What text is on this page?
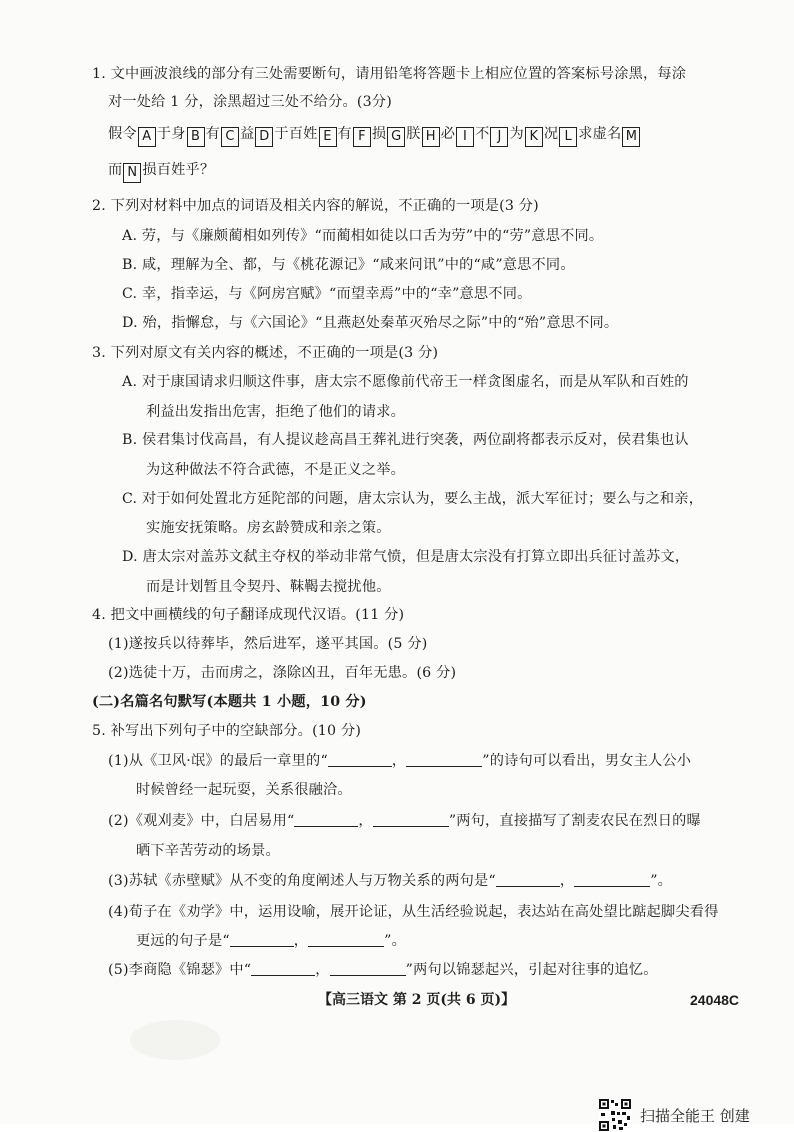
1. 文中画波浪线的部分有三处需要断句，请用铅笔将答题卡上相应位置的答案标号涂黑，每涂
对一处给 1 分，涂黑超过三处不给分。(3分)
假令 A 于身 B 有 C 益 D 于百姓 E 有 F 损 G 朕 H 必 I 不 J 为 K 况 L 求虚名 M
而 N 损百姓乎？
2. 下列对材料中加点的词语及相关内容的解说，不正确的一项是(3 分)
A. 劳，与《廉颇蔺相如列传》“而蔺相如徒以口舌为劳”中的“劳”意思不同。
B. 咸，理解为全、都，与《桃花源记》“咸来问讯”中的“咸”意思不同。
C. 幸，指幸运，与《阿房宫赋》“而望幸焉”中的“幸”意思不同。
D. 殆，指懈怠，与《六国论》“且燕赵处秦革灭殆尽之际”中的“殆”意思不同。
3. 下列对原文有关内容的概述，不正确的一项是(3 分)
A. 对于康国请求归顺这件事，唐太宗不愿像前代帝王一样贪图虚名，而是从军队和百姓的
利益出发指出危害，拒绝了他们的请求。
B. 侯君集讨伐高昌，有人提议趁高昌王葬礼进行突袭，两位副将都表示反对，侯君集也认
为这种做法不符合武德，不是正义之举。
C. 对于如何处置北方延陀部的问题，唐太宗认为，要么主战，派大军征讨；要么与之和亲，
实施安抚策略。房玄龄赞成和亲之策。
D. 唐太宗对盖苏文弑主夺权的举动非常气愤，但是唐太宗没有打算立即出兵征讨盖苏文，
而是计划暂且令契丹、靺鞨去搅扰他。
4. 把文中画横线的句子翻译成现代汉语。(11 分)
(1)遂按兵以待葬毕，然后进军，遂平其国。(5 分)
(2)选徒十万，击而虏之，涤除凶丑，百年无患。(6 分)
(二)名篇名句默写(本题共 1 小题，10 分)
5. 补写出下列句子中的空缺部分。(10 分)
(1)从《卫风·氓》的最后一章里的“	，	”的诗句可以看出，男女主人公小
时候曾经一起玩耍，关系很融洽。
(2)《观刈麦》中，白居易用“	，	”两句，直接描写了割麦农民在烈日的曝
晒下辛苦劳动的场景。
(3)苏轼《赤壁赋》从不变的角度阐述人与万物关系的两句是“	，	”。
(4)荀子在《劝学》中，运用设喻，展开论证，从生活经验说起，表达站在高处望比踮起脚尖看得
更远的句子是“	，	”。
(5)李商隐《锦瑟》中“	，	”两句以锦瑟起兴，引起对往事的追忆。
【高三语文 第 2 页(共 6 页)】	24048C
扫描全能王 创建
